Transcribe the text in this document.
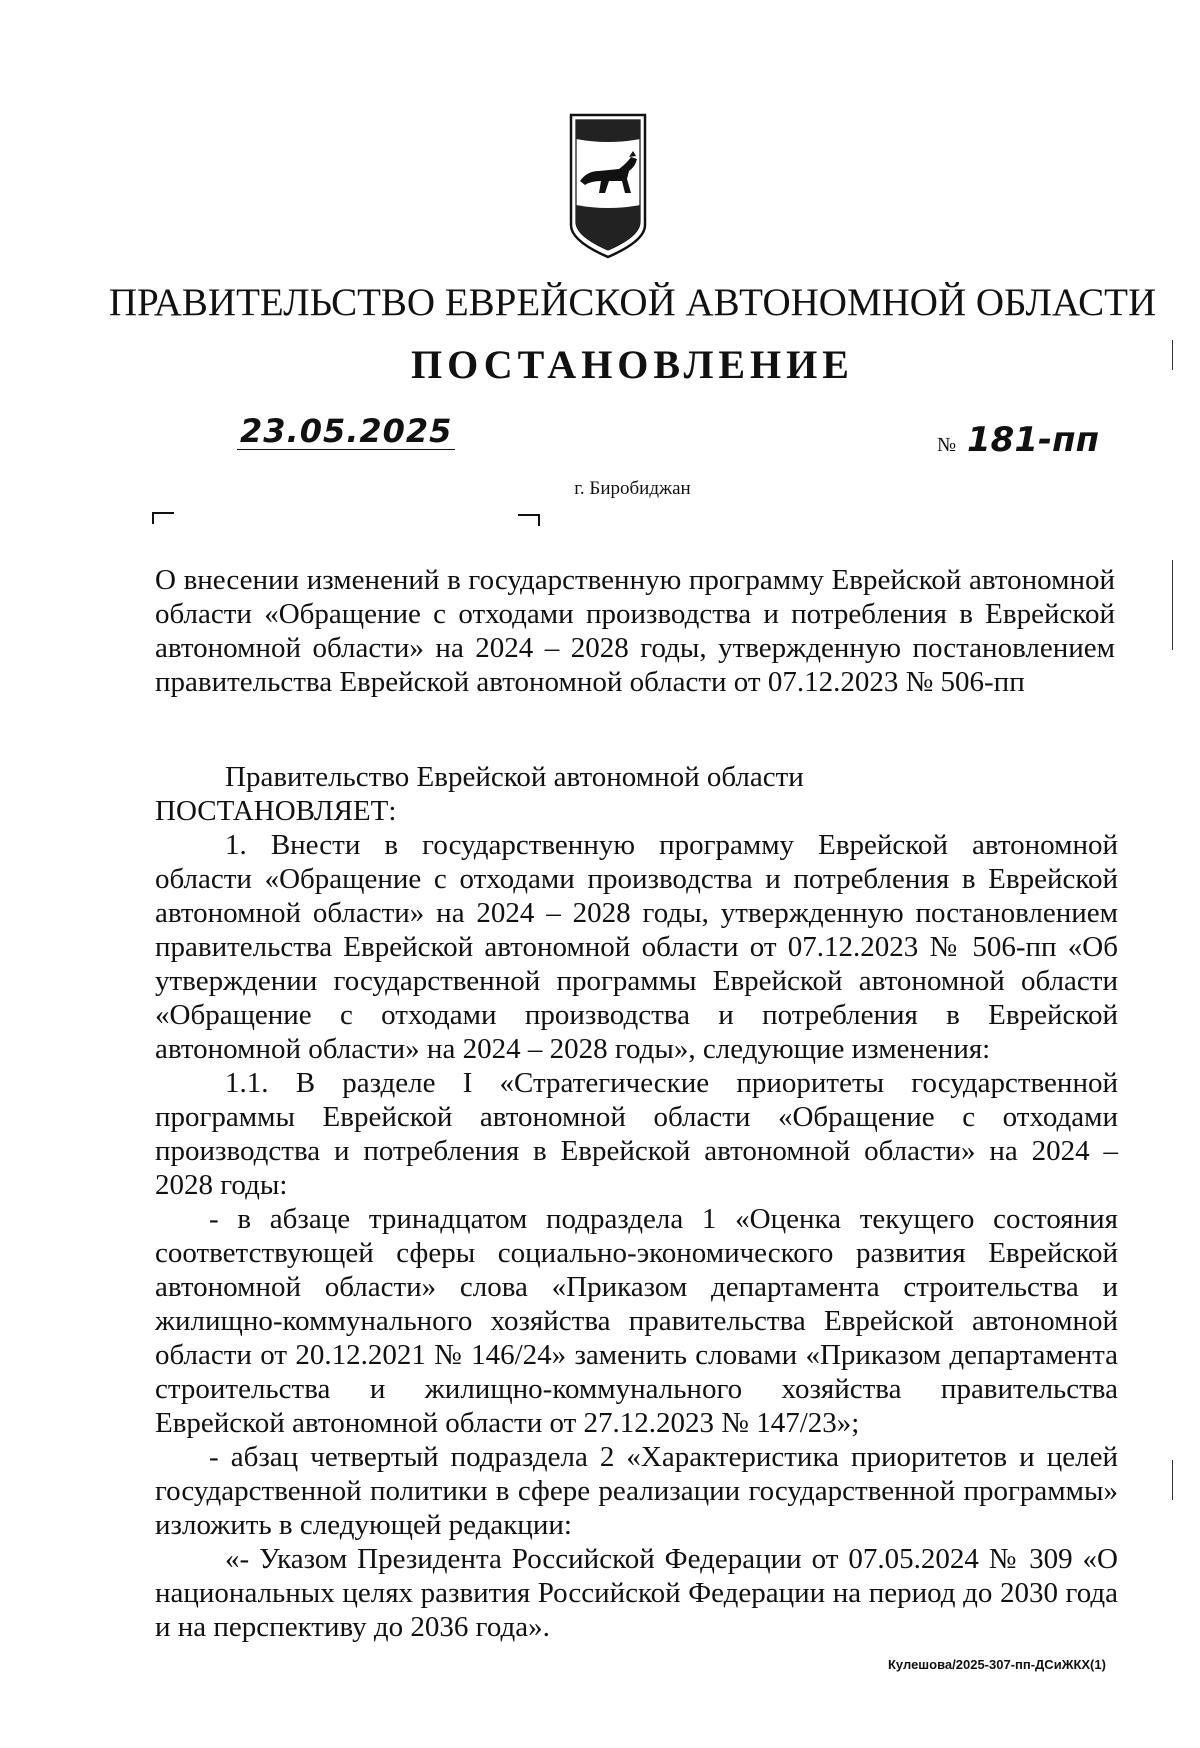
ПРАВИТЕЛЬСТВО ЕВРЕЙСКОЙ АВТОНОМНОЙ ОБЛАСТИ
ПОСТАНОВЛЕНИЕ
23.05.2025	№ 181-пп
г. Биробиджан
О внесении изменений в государственную программу Еврейской автономной области «Обращение с отходами производства и потребления в Еврейской автономной области» на 2024 – 2028 годы, утвержденную постановлением правительства Еврейской автономной области от 07.12.2023 № 506-пп

Правительство Еврейской автономной области

ПОСТАНОВЛЯЕТ:

1. Внести в государственную программу Еврейской автономной области «Обращение с отходами производства и потребления в Еврейской автономной области» на 2024 – 2028 годы, утвержденную постановлением правительства Еврейской автономной области от 07.12.2023 № 506-пп «Об утверждении государственной программы Еврейской автономной области «Обращение с отходами производства и потребления в Еврейской автономной области» на 2024 – 2028 годы», следующие изменения:

1.1. В разделе I «Стратегические приоритеты государственной программы Еврейской автономной области «Обращение с отходами производства и потребления в Еврейской автономной области» на 2024 – 2028 годы:

- в абзаце тринадцатом подраздела 1 «Оценка текущего состояния соответствующей сферы социально-экономического развития Еврейской автономной области» слова «Приказом департамента строительства и жилищно-коммунального хозяйства правительства Еврейской автономной области от 20.12.2021 № 146/24» заменить словами «Приказом департамента строительства и жилищно-коммунального хозяйства правительства Еврейской автономной области от 27.12.2023 № 147/23»;

- абзац четвертый подраздела 2 «Характеристика приоритетов и целей государственной политики в сфере реализации государственной программы» изложить в следующей редакции:

«- Указом Президента Российской Федерации от 07.05.2024 № 309 «О национальных целях развития Российской Федерации на период до 2030 года и на перспективу до 2036 года».

Кулешова/2025-307-пп-ДСиЖКХ(1)
